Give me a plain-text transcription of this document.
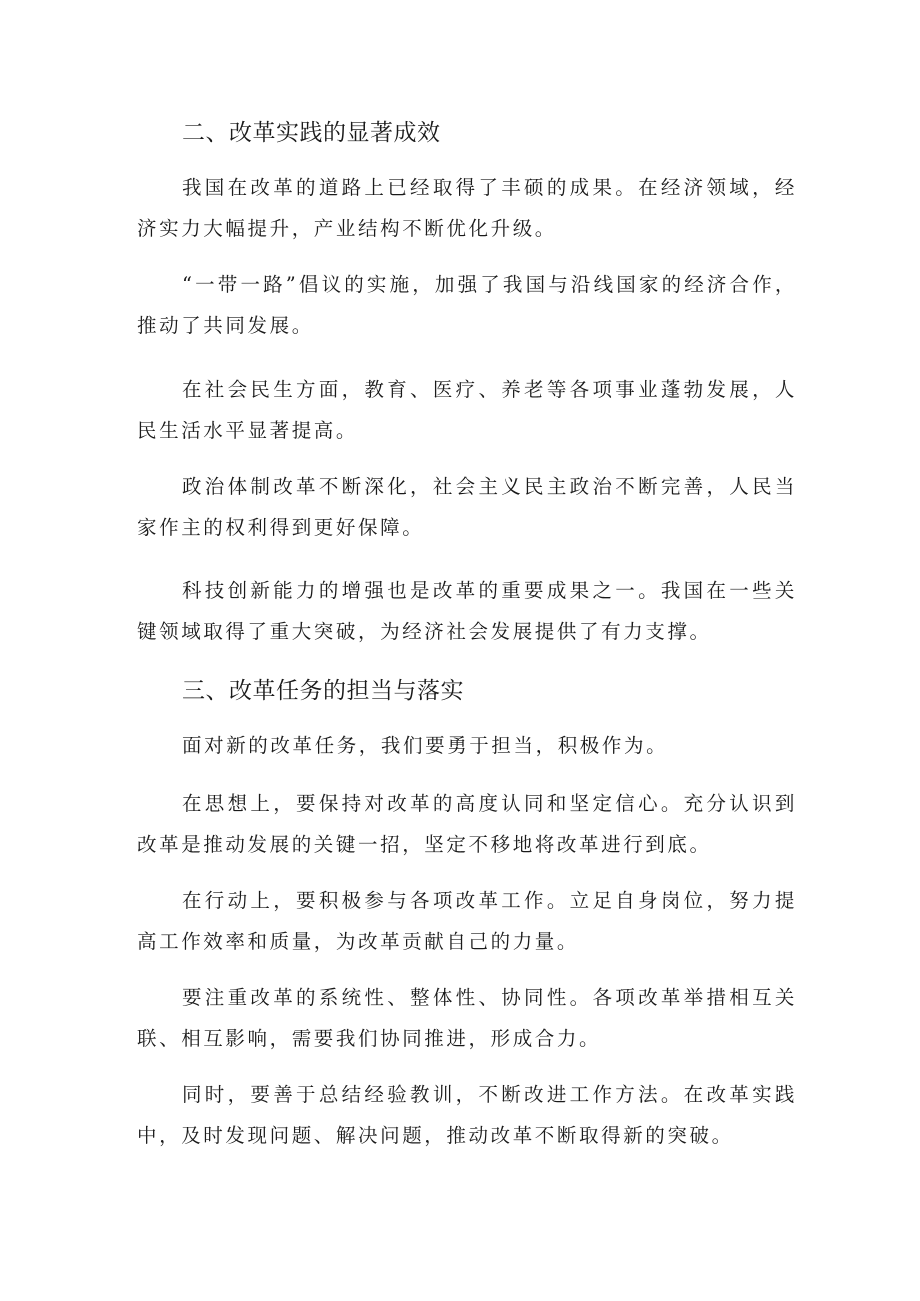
二、改革实践的显著成效

我国在改革的道路上已经取得了丰硕的成果。在经济领域，经济实力大幅提升，产业结构不断优化升级。

“一带一路”倡议的实施，加强了我国与沿线国家的经济合作，推动了共同发展。

在社会民生方面，教育、医疗、养老等各项事业蓬勃发展，人民生活水平显著提高。

政治体制改革不断深化，社会主义民主政治不断完善，人民当家作主的权利得到更好保障。

科技创新能力的增强也是改革的重要成果之一。我国在一些关键领域取得了重大突破，为经济社会发展提供了有力支撑。

三、改革任务的担当与落实

面对新的改革任务，我们要勇于担当，积极作为。

在思想上，要保持对改革的高度认同和坚定信心。充分认识到改革是推动发展的关键一招，坚定不移地将改革进行到底。

在行动上，要积极参与各项改革工作。立足自身岗位，努力提高工作效率和质量，为改革贡献自己的力量。

要注重改革的系统性、整体性、协同性。各项改革举措相互关联、相互影响，需要我们协同推进，形成合力。

同时，要善于总结经验教训，不断改进工作方法。在改革实践中，及时发现问题、解决问题，推动改革不断取得新的突破。
